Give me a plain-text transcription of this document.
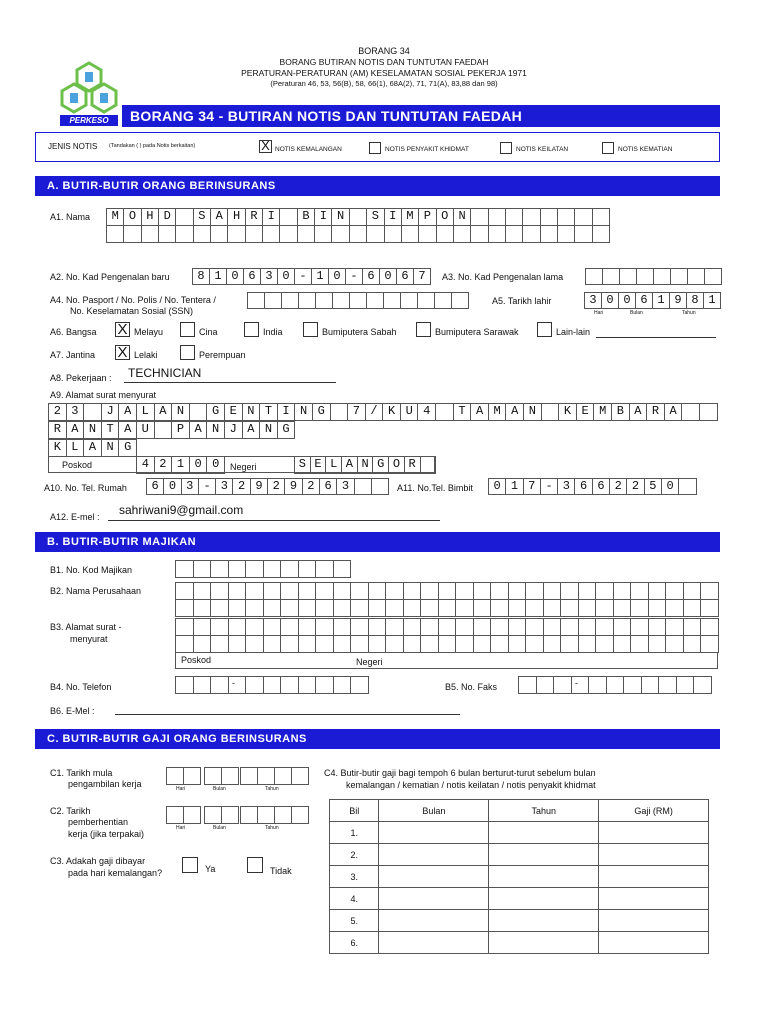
BORANG 34
BORANG BUTIRAN NOTIS DAN TUNTUTAN FAEDAH
PERATURAN-PERATURAN (AM) KESELAMATAN SOSIAL PEKERJA 1971
(Peraturan 46, 53, 56(B), 58, 66(1), 68A(2), 71, 71(A), 83,88 dan 98)
PERKESO	BORANG 34 - BUTIRAN NOTIS DAN TUNTUTAN FAEDAH
JENIS NOTIS (Tandakan ( ) pada Notis berkaitan)	X NOTIS KEMALANGAN	NOTIS PENYAKIT KHIDMAT	NOTIS KEILATAN	NOTIS KEMATIAN
A. BUTIR-BUTIR ORANG BERINSURANS
A1. Nama	M O H D	S A H R I	B I N	S I M P O N
A2. No. Kad Pengenalan baru	8 1 0 6 3 0 - 1 0 - 6 0 6 7	A3. No. Kad Pengenalan lama
A4. No. Pasport / No. Polis / No. Tentera /
No. Keselamatan Sosial (SSN)
A5. Tarikh lahir	3 0 0 6 1 9 8 1
Hari	Bulan	Tahun
A6. Bangsa X Melayu	Cina	India	Bumiputera Sabah	Bumiputera Sarawak	Lain-lain
A7. Jantina X Lelaki	Perempuan
A8. Pekerjaan : TECHNICIAN
A9. Alamat surat menyurat
2 3	J A L A N	G E N T I N G	7 / K U 4	T A M A N	K E M B A R A
R A N T A U	P A N J A N G
K L A N G
Poskod	4 2 1 0 0	Negeri	S E L A N G O R
A10. No. Tel. Rumah	6 0 3 - 3 2 9 2 9 2 6 3	A11. No.Tel. Bimbit	0 1 7 - 3 6 6 2 2 5 0
A12. E-mel : sahriwani9@gmail.com
B. BUTIR-BUTIR MAJIKAN
B1. No. Kod Majikan
B2. Nama Perusahaan
B3. Alamat surat -
menyurat
Poskod	Negeri
B4. No. Telefon	-	B5. No. Faks	-
B6. E-Mel :
C. BUTIR-BUTIR GAJI ORANG BERINSURANS
C1. Tarikh mula
pengambilan kerja	Hari	Bulan	Tahun
C2. Tarikh
pemberhentian
kerja (jika terpakai)
Hari	Bulan	Tahun
C3. Adakah gaji dibayar
pada hari kemalangan?	Ya	Tidak
C4. Butir-butir gaji bagi tempoh 6 bulan berturut-turut sebelum bulan
kemalangan / kematian / notis keilatan / notis penyakit khidmat
Bil	Bulan	Tahun	Gaji (RM)
1.			
2.			
3.			
4.			
5.			
6.			
